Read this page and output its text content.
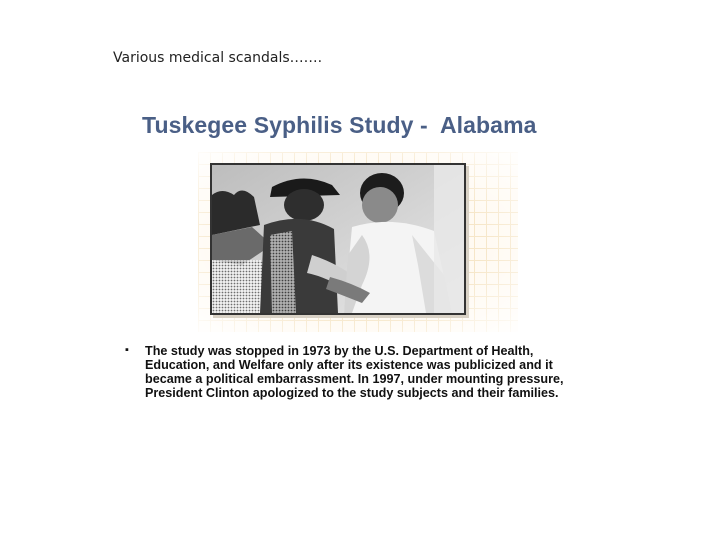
Various medical scandals…….
Tuskegee Syphilis Study -  Alabama
▪ The study was stopped in 1973 by the U.S. Department of Health, Education, and Welfare only after its existence was publicized and it became a political embarrassment. In 1997, under mounting pressure, President Clinton apologized to the study subjects and their families.
